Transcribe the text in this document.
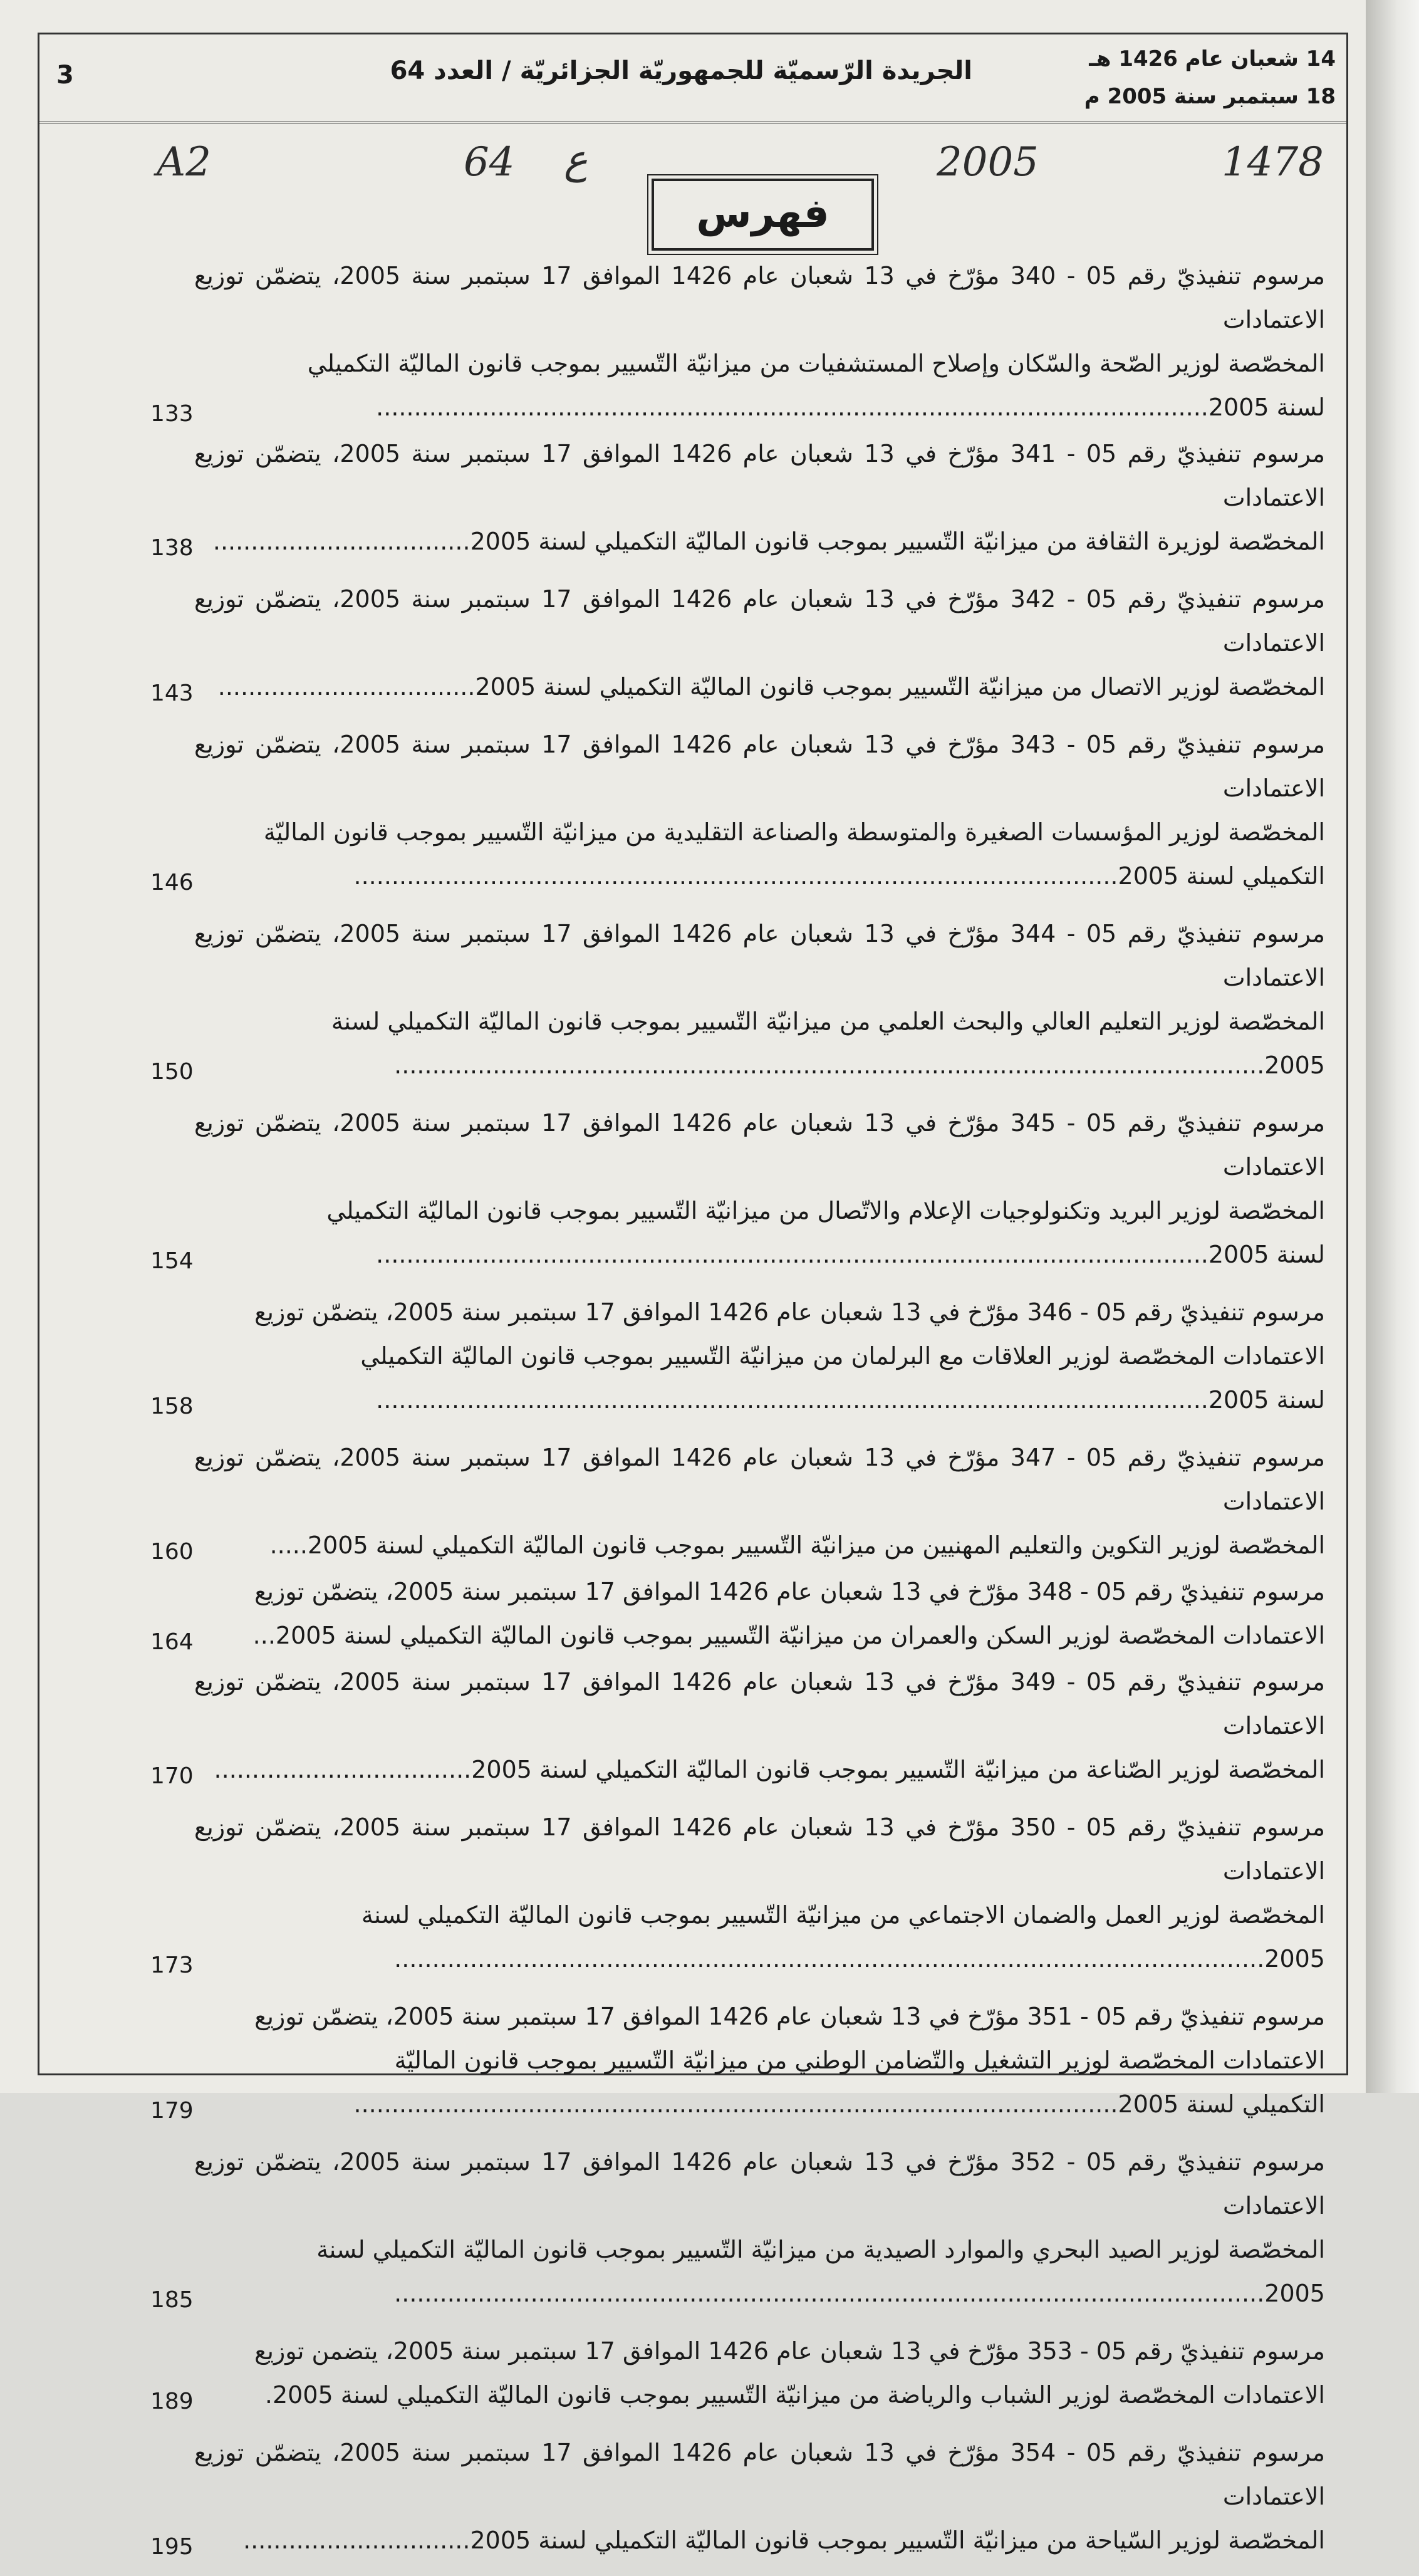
14 شعبان عام 1426 هـ
18 سبتمبر سنة 2005 م
الجريدة الرّسميّة للجمهوريّة الجزائريّة / العدد 64
3
A2	64 ع	2005	1478
فهرس

مرسوم تنفيذيّ رقم 05 - 340 مؤرّخ في 13 شعبان عام 1426 الموافق 17 سبتمبر سنة 2005، يتضمّن توزيع الاعتمادات
المخصّصة لوزير الصّحة والسّكان وإصلاح المستشفيات من ميزانيّة التّسيير بموجب قانون الماليّة التكميلي
لسنة 2005..............................................................................................................

133

مرسوم تنفيذيّ رقم 05 - 341 مؤرّخ في 13 شعبان عام 1426 الموافق 17 سبتمبر سنة 2005، يتضمّن توزيع الاعتمادات
المخصّصة لوزيرة الثقافة من ميزانيّة التّسيير بموجب قانون الماليّة التكميلي لسنة 2005..................................

138

مرسوم تنفيذيّ رقم 05 - 342 مؤرّخ في 13 شعبان عام 1426 الموافق 17 سبتمبر سنة 2005، يتضمّن توزيع الاعتمادات
المخصّصة لوزير الاتصال من ميزانيّة التّسيير بموجب قانون الماليّة التكميلي لسنة 2005..................................

143

مرسوم تنفيذيّ رقم 05 - 343 مؤرّخ في 13 شعبان عام 1426 الموافق 17 سبتمبر سنة 2005، يتضمّن توزيع الاعتمادات
المخصّصة لوزير المؤسسات الصغيرة والمتوسطة والصناعة التقليدية من ميزانيّة التّسيير بموجب قانون الماليّة
التكميلي لسنة 2005.....................................................................................................

146

مرسوم تنفيذيّ رقم 05 - 344 مؤرّخ في 13 شعبان عام 1426 الموافق 17 سبتمبر سنة 2005، يتضمّن توزيع الاعتمادات
المخصّصة لوزير التعليم العالي والبحث العلمي من ميزانيّة التّسيير بموجب قانون الماليّة التكميلي لسنة
2005...................................................................................................................

150

مرسوم تنفيذيّ رقم 05 - 345 مؤرّخ في 13 شعبان عام 1426 الموافق 17 سبتمبر سنة 2005، يتضمّن توزيع الاعتمادات
المخصّصة لوزير البريد وتكنولوجيات الإعلام والاتّصال من ميزانيّة التّسيير بموجب قانون الماليّة التكميلي
لسنة 2005..............................................................................................................

154

مرسوم تنفيذيّ رقم 05 - 346 مؤرّخ في 13 شعبان عام 1426 الموافق 17 سبتمبر سنة 2005، يتضمّن توزيع
الاعتمادات المخصّصة لوزير العلاقات مع البرلمان من ميزانيّة التّسيير بموجب قانون الماليّة التكميلي
لسنة 2005..............................................................................................................

158

مرسوم تنفيذيّ رقم 05 - 347 مؤرّخ في 13 شعبان عام 1426 الموافق 17 سبتمبر سنة 2005، يتضمّن توزيع الاعتمادات
المخصّصة لوزير التكوين والتعليم المهنيين من ميزانيّة التّسيير بموجب قانون الماليّة التكميلي لسنة 2005.....

160

مرسوم تنفيذيّ رقم 05 - 348 مؤرّخ في 13 شعبان عام 1426 الموافق 17 سبتمبر سنة 2005، يتضمّن توزيع
الاعتمادات المخصّصة لوزير السكن والعمران من ميزانيّة التّسيير بموجب قانون الماليّة التكميلي لسنة 2005...

164

مرسوم تنفيذيّ رقم 05 - 349 مؤرّخ في 13 شعبان عام 1426 الموافق 17 سبتمبر سنة 2005، يتضمّن توزيع الاعتمادات
المخصّصة لوزير الصّناعة من ميزانيّة التّسيير بموجب قانون الماليّة التكميلي لسنة 2005..................................

170

مرسوم تنفيذيّ رقم 05 - 350 مؤرّخ في 13 شعبان عام 1426 الموافق 17 سبتمبر سنة 2005، يتضمّن توزيع الاعتمادات
المخصّصة لوزير العمل والضمان الاجتماعي من ميزانيّة التّسيير بموجب قانون الماليّة التكميلي لسنة
2005...................................................................................................................

173

مرسوم تنفيذيّ رقم 05 - 351 مؤرّخ في 13 شعبان عام 1426 الموافق 17 سبتمبر سنة 2005، يتضمّن توزيع
الاعتمادات المخصّصة لوزير التشغيل والتّضامن الوطني من ميزانيّة التّسيير بموجب قانون الماليّة
التكميلي لسنة 2005.....................................................................................................

179

مرسوم تنفيذيّ رقم 05 - 352 مؤرّخ في 13 شعبان عام 1426 الموافق 17 سبتمبر سنة 2005، يتضمّن توزيع الاعتمادات
المخصّصة لوزير الصيد البحري والموارد الصيدية من ميزانيّة التّسيير بموجب قانون الماليّة التكميلي لسنة
2005...................................................................................................................

185

مرسوم تنفيذيّ رقم 05 - 353 مؤرّخ في 13 شعبان عام 1426 الموافق 17 سبتمبر سنة 2005، يتضمن توزيع
الاعتمادات المخصّصة لوزير الشباب والرياضة من ميزانيّة التّسيير بموجب قانون الماليّة التكميلي لسنة 2005.

189

مرسوم تنفيذيّ رقم 05 - 354 مؤرّخ في 13 شعبان عام 1426 الموافق 17 سبتمبر سنة 2005، يتضمّن توزيع الاعتمادات
المخصّصة لوزير السّياحة من ميزانيّة التّسيير بموجب قانون الماليّة التكميلي لسنة 2005..............................

195
